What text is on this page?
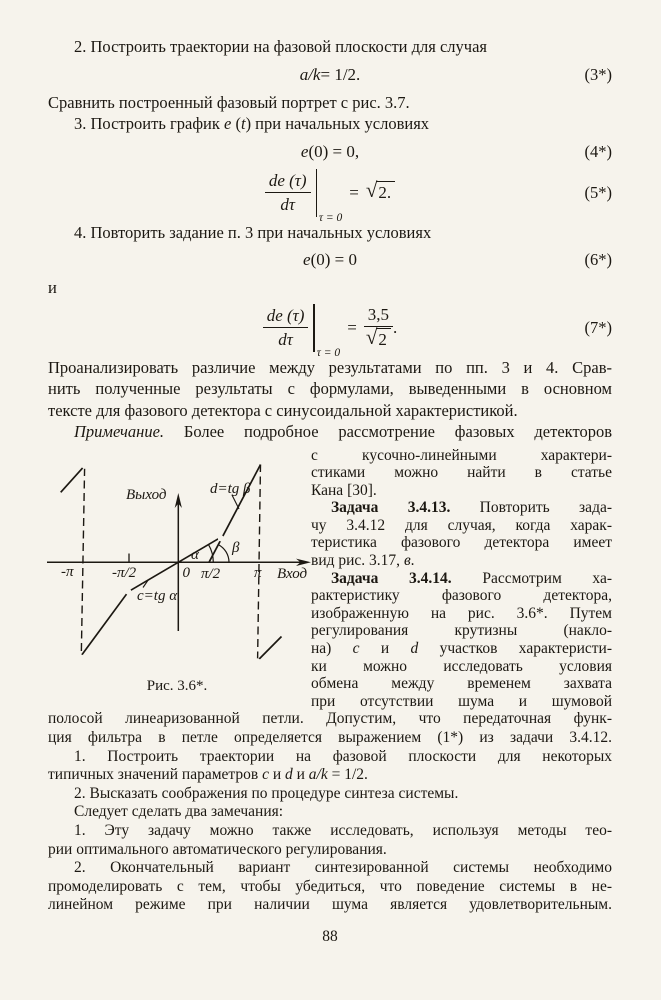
2. Построить траектории на фазовой плоскости для случая
a/k = 1/2.	(3*)
Сравнить построенный фазовый портрет с рис. 3.7.
3. Построить график e (t) при начальных условиях
e (0) = 0,	(4*)
$\frac{de (\tau)}{d\tau}$
τ = 0
= √ 2.	(5*)
4. Повторить задание п. 3 при начальных условиях
e (0) = 0	(6*)
и
$\frac{de (\tau)}{d\tau}$
τ = 0
= $\frac{3,5}{√ 2}$ .	(7*)
Проанализировать различие между результатами по пп. 3 и 4. Срав-
нить полученные результаты с формулами, выведенными в основном
тексте для фазового детектора с синусоидальной характеристикой.
Примечание. Более подробное рассмотрение фазовых детекторов
Выход
Вход
d=tg β
c=tg α
α β
-π	-π/2	0 π/2 π
Рис. 3.6*.
с кусочно-линейными характери-
стиками можно найти в статье
Кана [30].
Задача 3.4.13. Повторить зада-
чу 3.4.12 для случая, когда харак-
теристика фазового детектора имеет
вид рис. 3.17, в.
Задача 3.4.14. Рассмотрим ха-
рактеристику фазового детектора,
изображенную на рис. 3.6*. Путем
регулирования крутизны (накло-
на) c и d участков характеристи-
ки можно исследовать условия
обмена между временем захвата
при отсутствии шума и шумовой
полосой линеаризованной петли. Допустим, что передаточная функ-
ция фильтра в петле определяется выражением (1*) из задачи 3.4.12.
1. Построить траектории на фазовой плоскости для некоторых
типичных значений параметров c и d и a/k = 1/2.
2. Высказать соображения по процедуре синтеза системы.
Следует сделать два замечания:
1. Эту задачу можно также исследовать, используя методы тео-
рии оптимального автоматического регулирования.
2. Окончательный вариант синтезированной системы необходимо
промоделировать с тем, чтобы убедиться, что поведение системы в не-
линейном режиме при наличии шума является удовлетворительным.
88
